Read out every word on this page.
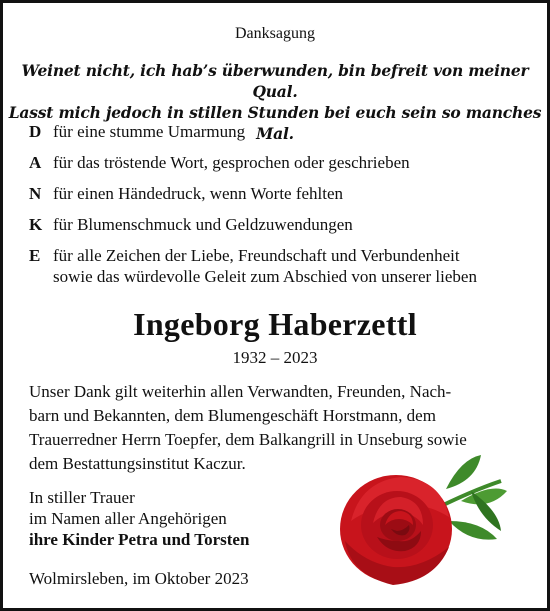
Danksagung
Weinet nicht, ich hab’s überwunden, bin befreit von meiner Qual.
Lasst mich jedoch in stillen Stunden bei euch sein so manches Mal.
D für eine stumme Umarmung
A für das tröstende Wort, gesprochen oder geschrieben
N für einen Händedruck, wenn Worte fehlten
K für Blumenschmuck und Geldzuwendungen
E für alle Zeichen der Liebe, Freundschaft und Verbundenheit
sowie das würdevolle Geleit zum Abschied von unserer lieben
Ingeborg Haberzettl
1932 – 2023
Unser Dank gilt weiterhin allen Verwandten, Freunden, Nach-
barn und Bekannten, dem Blumengeschäft Horstmann, dem
Trauerredner Herrn Toepfer, dem Balkangrill in Unseburg sowie
dem Bestattungsinstitut Kaczur.
In stiller Trauer
im Namen aller Angehörigen
ihre Kinder Petra und Torsten
Wolmirsleben, im Oktober 2023
